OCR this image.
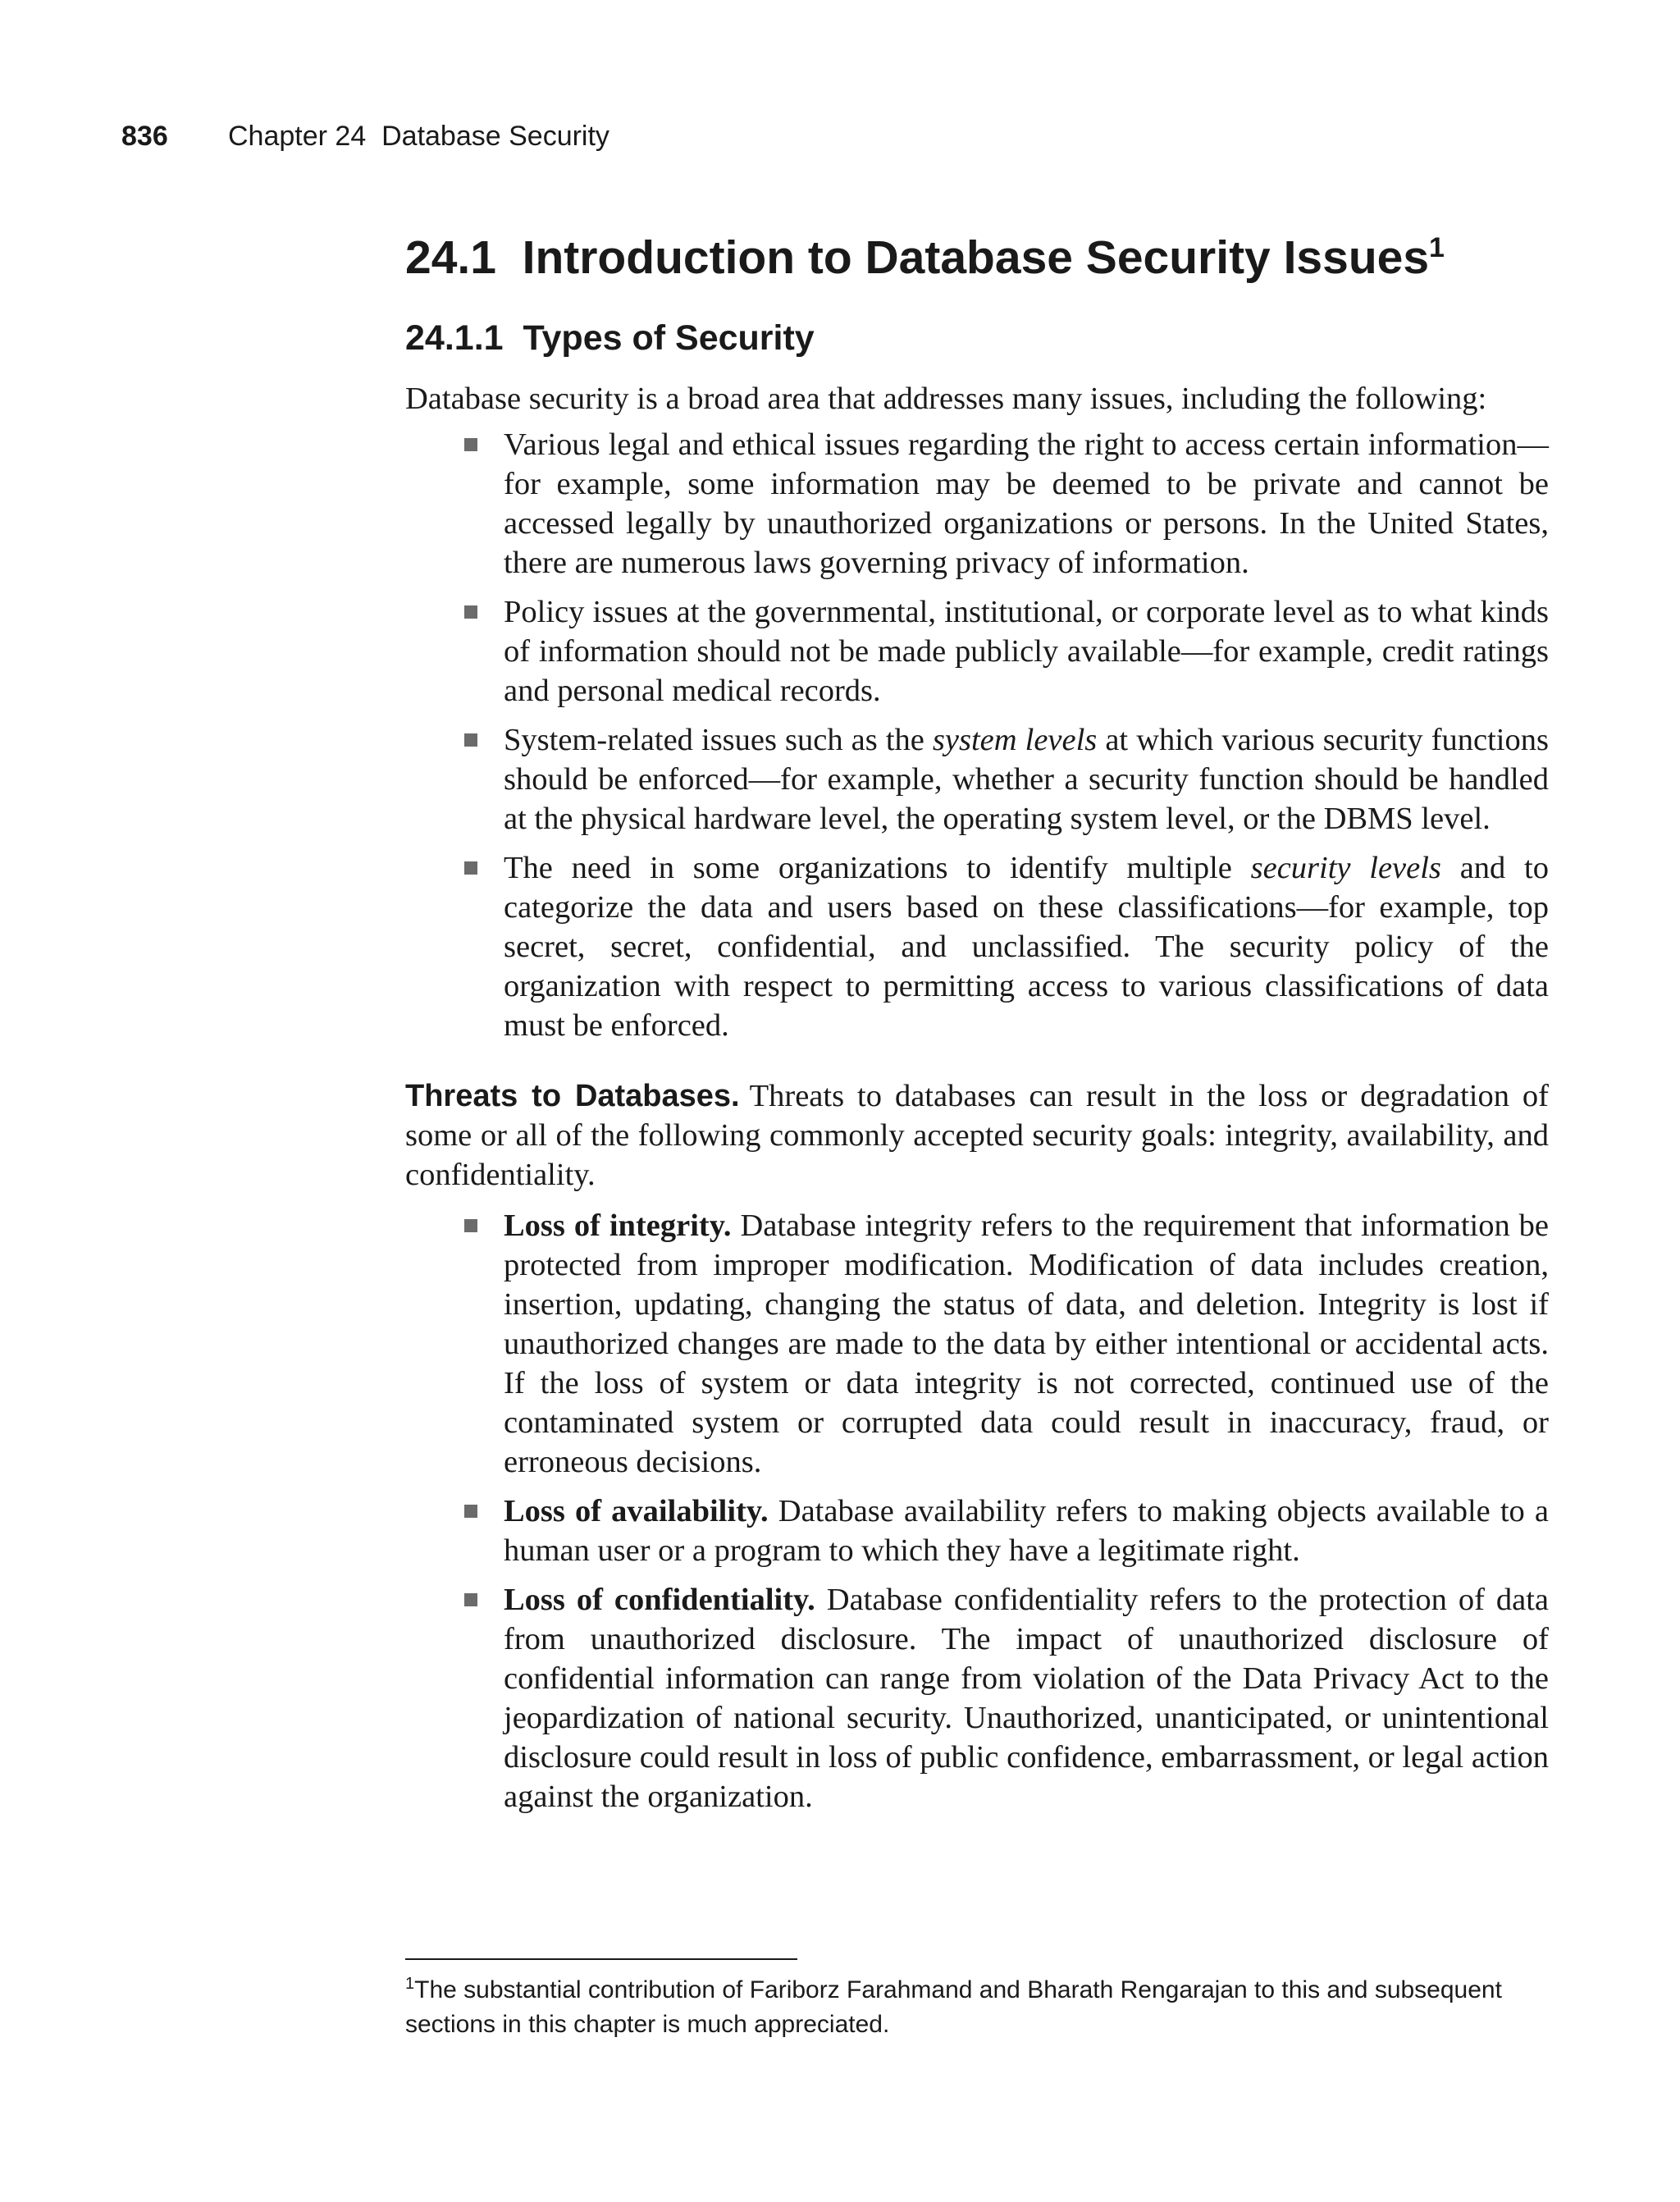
836 Chapter 24  Database Security
24.1  Introduction to Database Security Issues$^1$
24.1.1  Types of Security

Database security is a broad area that addresses many issues, including the following:

Various legal and ethical issues regarding the right to access certain information—for example, some information may be deemed to be private and cannot be accessed legally by unauthorized organizations or persons. In the United States, there are numerous laws governing privacy of information.
Policy issues at the governmental, institutional, or corporate level as to what kinds of information should not be made publicly available—for example, credit ratings and personal medical records.
System-related issues such as the system levels at which various security functions should be enforced—for example, whether a security function should be handled at the physical hardware level, the operating system level, or the DBMS level.
The need in some organizations to identify multiple security levels and to categorize the data and users based on these classifications—for example, top secret, secret, confidential, and unclassified. The security policy of the organization with respect to permitting access to various classifications of data must be enforced.

Threats to Databases. Threats to databases can result in the loss or degradation of some or all of the following commonly accepted security goals: integrity, availability, and confidentiality.

Loss of integrity. Database integrity refers to the requirement that information be protected from improper modification. Modification of data includes creation, insertion, updating, changing the status of data, and deletion. Integrity is lost if unauthorized changes are made to the data by either intentional or accidental acts. If the loss of system or data integrity is not corrected, continued use of the contaminated system or corrupted data could result in inaccuracy, fraud, or erroneous decisions.
Loss of availability. Database availability refers to making objects available to a human user or a program to which they have a legitimate right.
Loss of confidentiality. Database confidentiality refers to the protection of data from unauthorized disclosure. The impact of unauthorized disclosure of confidential information can range from violation of the Data Privacy Act to the jeopardization of national security. Unauthorized, unanticipated, or unintentional disclosure could result in loss of public confidence, embarrassment, or legal action against the organization.
$^1$The substantial contribution of Fariborz Farahmand and Bharath Rengarajan to this and subsequent sections in this chapter is much appreciated.
